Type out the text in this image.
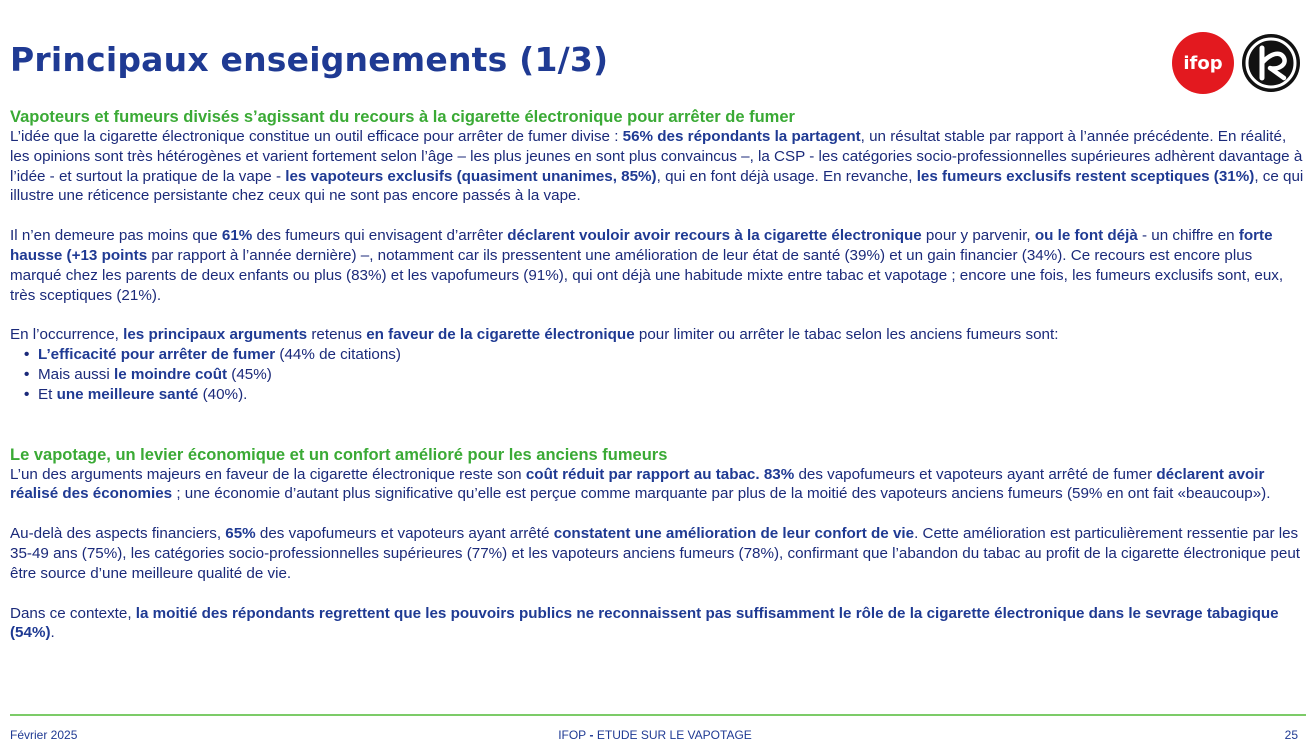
Principaux enseignements (1/3)	ifop
Vapoteurs et fumeurs divisés s’agissant du recours à la cigarette électronique pour arrêter de fumer

L’idée que la cigarette électronique constitue un outil efficace pour arrêter de fumer divise : 56% des répondants la partagent, un résultat stable par rapport à l’année précédente. En réalité, les opinions sont très hétérogènes et varient fortement selon l’âge – les plus jeunes en sont plus convaincus –, la CSP - les catégories socio-professionnelles supérieures adhèrent davantage à l’idée - et surtout la pratique de la vape - les vapoteurs exclusifs (quasiment unanimes, 85%), qui en font déjà usage. En revanche, les fumeurs exclusifs restent sceptiques (31%), ce qui illustre une réticence persistante chez ceux qui ne sont pas encore passés à la vape.

Il n’en demeure pas moins que 61% des fumeurs qui envisagent d’arrêter déclarent vouloir avoir recours à la cigarette électronique pour y parvenir, ou le font déjà - un chiffre en forte hausse (+13 points par rapport à l’année dernière) –, notamment car ils pressentent une amélioration de leur état de santé (39%) et un gain financier (34%). Ce recours est encore plus marqué chez les parents de deux enfants ou plus (83%) et les vapofumeurs (91%), qui ont déjà une habitude mixte entre tabac et vapotage ; encore une fois, les fumeurs exclusifs sont, eux, très sceptiques (21%).

En l’occurrence, les principaux arguments retenus en faveur de la cigarette électronique pour limiter ou arrêter le tabac selon les anciens fumeurs sont:

• L’efficacité pour arrêter de fumer (44% de citations)
• Mais aussi le moindre coût (45%)
• Et une meilleure santé (40%).
Le vapotage, un levier économique et un confort amélioré pour les anciens fumeurs

L’un des arguments majeurs en faveur de la cigarette électronique reste son coût réduit par rapport au tabac. 83% des vapofumeurs et vapoteurs ayant arrêté de fumer déclarent avoir réalisé des économies ; une économie d’autant plus significative qu’elle est perçue comme marquante par plus de la moitié des vapoteurs anciens fumeurs (59% en ont fait «beaucoup»).

Au-delà des aspects financiers, 65% des vapofumeurs et vapoteurs ayant arrêté constatent une amélioration de leur confort de vie. Cette amélioration est particulièrement ressentie par les 35-49 ans (75%), les catégories socio-professionnelles supérieures (77%) et les vapoteurs anciens fumeurs (78%), confirmant que l’abandon du tabac au profit de la cigarette électronique peut être source d’une meilleure qualité de vie.

Dans ce contexte, la moitié des répondants regrettent que les pouvoirs publics ne reconnaissent pas suffisamment le rôle de la cigarette électronique dans le sevrage tabagique (54%).

Février 2025	IFOP - ETUDE SUR LE VAPOTAGE	25
